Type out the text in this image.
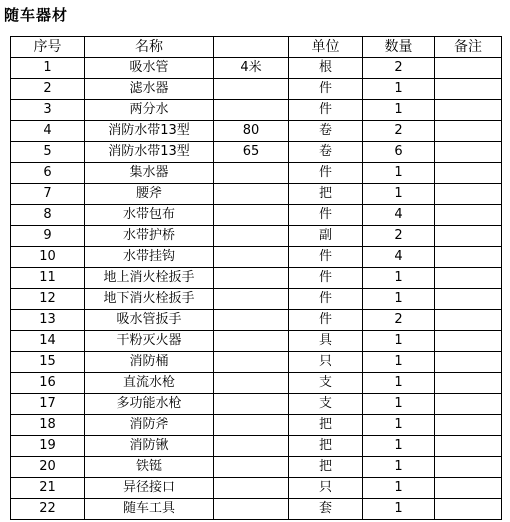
随车器材
序号	名称		单位	数量	备注
1	吸水管	4米	根	2	
2	滤水器		件	1	
3	两分水		件	1	
4	消防水带13型	80	卷	2	
5	消防水带13型	65	卷	6	
6	集水器		件	1	
7	腰斧		把	1	
8	水带包布		件	4	
9	水带护桥		副	2	
10	水带挂钩		件	4	
11	地上消火栓扳手		件	1	
12	地下消火栓扳手		件	1	
13	吸水管扳手		件	2	
14	干粉灭火器		具	1	
15	消防桶		只	1	
16	直流水枪		支	1	
17	多功能水枪		支	1	
18	消防斧		把	1	
19	消防锹		把	1	
20	铁铤		把	1	
21	异径接口		只	1	
22	随车工具		套	1	
